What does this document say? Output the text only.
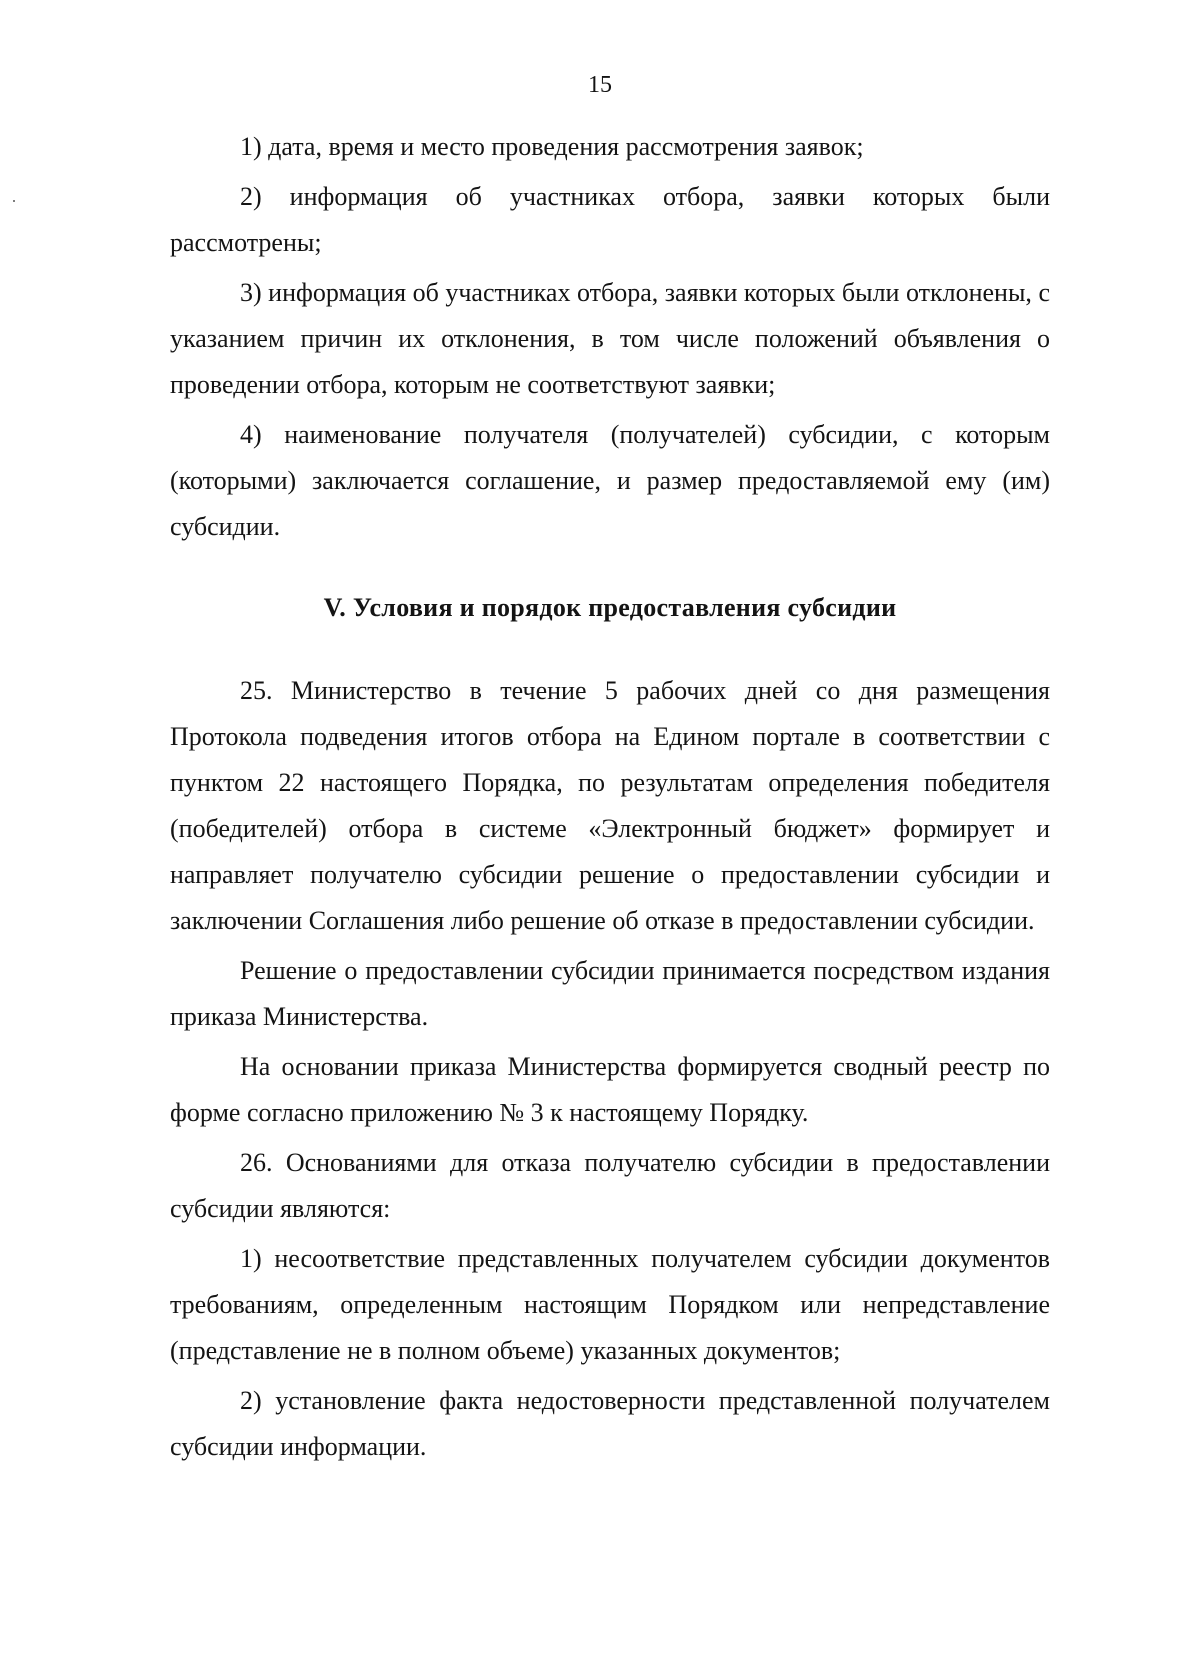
15

1) дата, время и место проведения рассмотрения заявок;

2) информация об участниках отбора, заявки которых были рассмотрены;

3) информация об участниках отбора, заявки которых были отклонены, с указанием причин их отклонения, в том числе положений объявления о проведении отбора, которым не соответствуют заявки;

4) наименование получателя (получателей) субсидии, с которым (которыми) заключается соглашение, и размер предоставляемой ему (им) субсидии.

V. Условия и порядок предоставления субсидии

25. Министерство в течение 5 рабочих дней со дня размещения Протокола подведения итогов отбора на Едином портале в соответствии с пунктом 22 настоящего Порядка, по результатам определения победителя (победителей) отбора в системе «Электронный бюджет» формирует и направляет получателю субсидии решение о предоставлении субсидии и заключении Соглашения либо решение об отказе в предоставлении субсидии.

Решение о предоставлении субсидии принимается посредством издания приказа Министерства.

На основании приказа Министерства формируется сводный реестр по форме согласно приложению № 3 к настоящему Порядку.

26. Основаниями для отказа получателю субсидии в предоставлении субсидии являются:

1) несоответствие представленных получателем субсидии документов требованиям, определенным настоящим Порядком или непредставление (представление не в полном объеме) указанных документов;

2) установление факта недостоверности представленной получателем субсидии информации.
